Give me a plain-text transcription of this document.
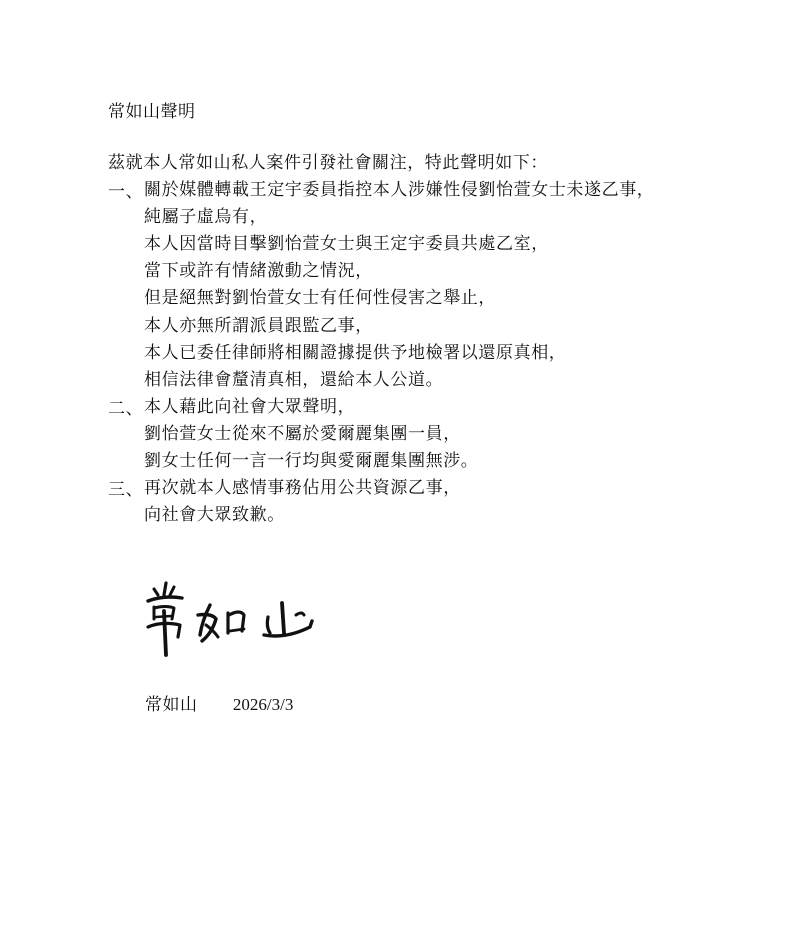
常如山聲明
茲就本人常如山私人案件引發社會關注，特此聲明如下：
一、 關於媒體轉載王定宇委員指控本人涉嫌性侵劉怡萱女士未遂乙事，
純屬子虛烏有，
本人因當時目擊劉怡萱女士與王定宇委員共處乙室，
當下或許有情緒激動之情況，
但是絕無對劉怡萱女士有任何性侵害之舉止，
本人亦無所謂派員跟監乙事，
本人已委任律師將相關證據提供予地檢署以還原真相，
相信法律會釐清真相，還給本人公道。
二、 本人藉此向社會大眾聲明，
劉怡萱女士從來不屬於愛爾麗集團一員，
劉女士任何一言一行均與愛爾麗集團無涉。
三、 再次就本人感情事務佔用公共資源乙事，
向社會大眾致歉。
常如山 2026/3/3
